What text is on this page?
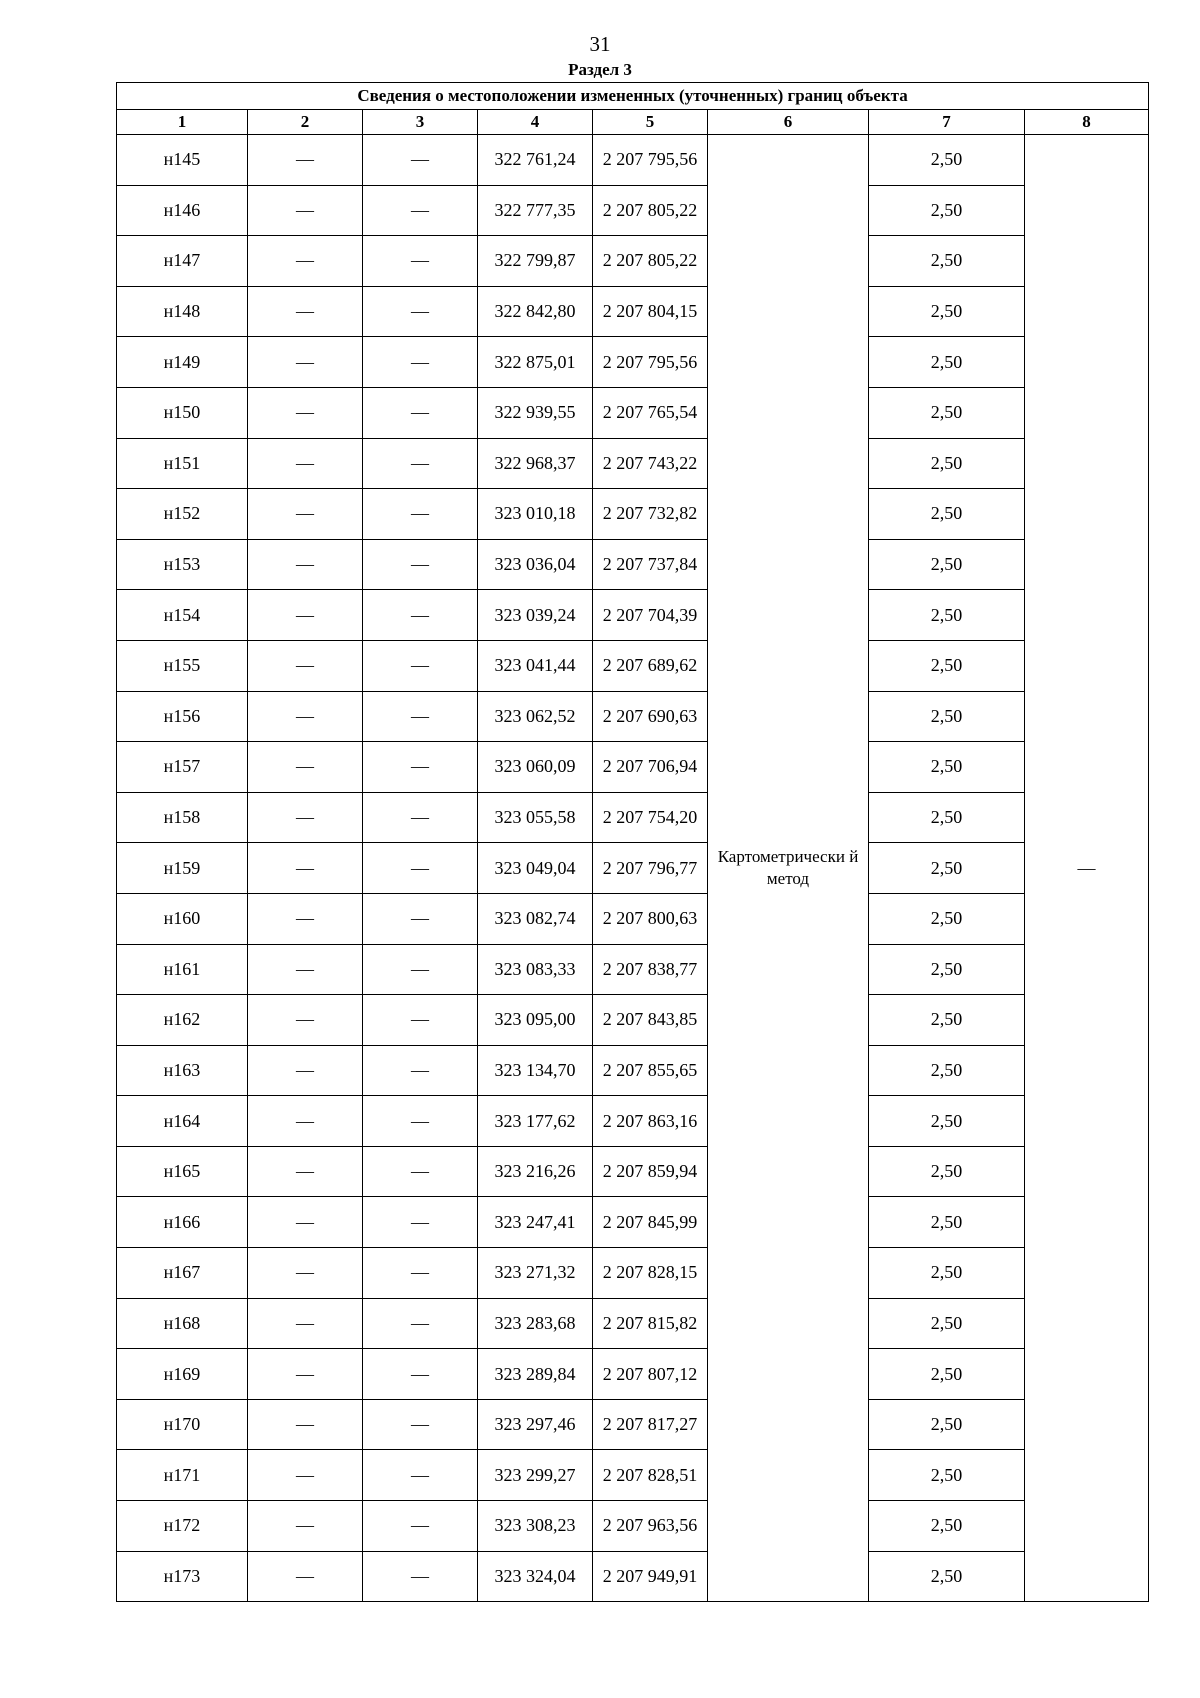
31
Раздел 3
Сведения о местоположении измененных (уточненных) границ объекта							
1	2	3	4	5	6	7	8
н145	—	—	322 761,24	2 207 795,56	Картометрически й метод	2,50	—
н146	—	—	322 777,35	2 207 805,22		2,50	
н147	—	—	322 799,87	2 207 805,22		2,50	
н148	—	—	322 842,80	2 207 804,15		2,50	
н149	—	—	322 875,01	2 207 795,56		2,50	
н150	—	—	322 939,55	2 207 765,54		2,50	
н151	—	—	322 968,37	2 207 743,22		2,50	
н152	—	—	323 010,18	2 207 732,82		2,50	
н153	—	—	323 036,04	2 207 737,84		2,50	
н154	—	—	323 039,24	2 207 704,39		2,50	
н155	—	—	323 041,44	2 207 689,62		2,50	
н156	—	—	323 062,52	2 207 690,63		2,50	
н157	—	—	323 060,09	2 207 706,94		2,50	
н158	—	—	323 055,58	2 207 754,20		2,50	
н159	—	—	323 049,04	2 207 796,77		2,50	
н160	—	—	323 082,74	2 207 800,63		2,50	
н161	—	—	323 083,33	2 207 838,77		2,50	
н162	—	—	323 095,00	2 207 843,85		2,50	
н163	—	—	323 134,70	2 207 855,65		2,50	
н164	—	—	323 177,62	2 207 863,16		2,50	
н165	—	—	323 216,26	2 207 859,94		2,50	
н166	—	—	323 247,41	2 207 845,99		2,50	
н167	—	—	323 271,32	2 207 828,15		2,50	
н168	—	—	323 283,68	2 207 815,82		2,50	
н169	—	—	323 289,84	2 207 807,12		2,50	
н170	—	—	323 297,46	2 207 817,27		2,50	
н171	—	—	323 299,27	2 207 828,51		2,50	
н172	—	—	323 308,23	2 207 963,56		2,50	
н173	—	—	323 324,04	2 207 949,91		2,50	
